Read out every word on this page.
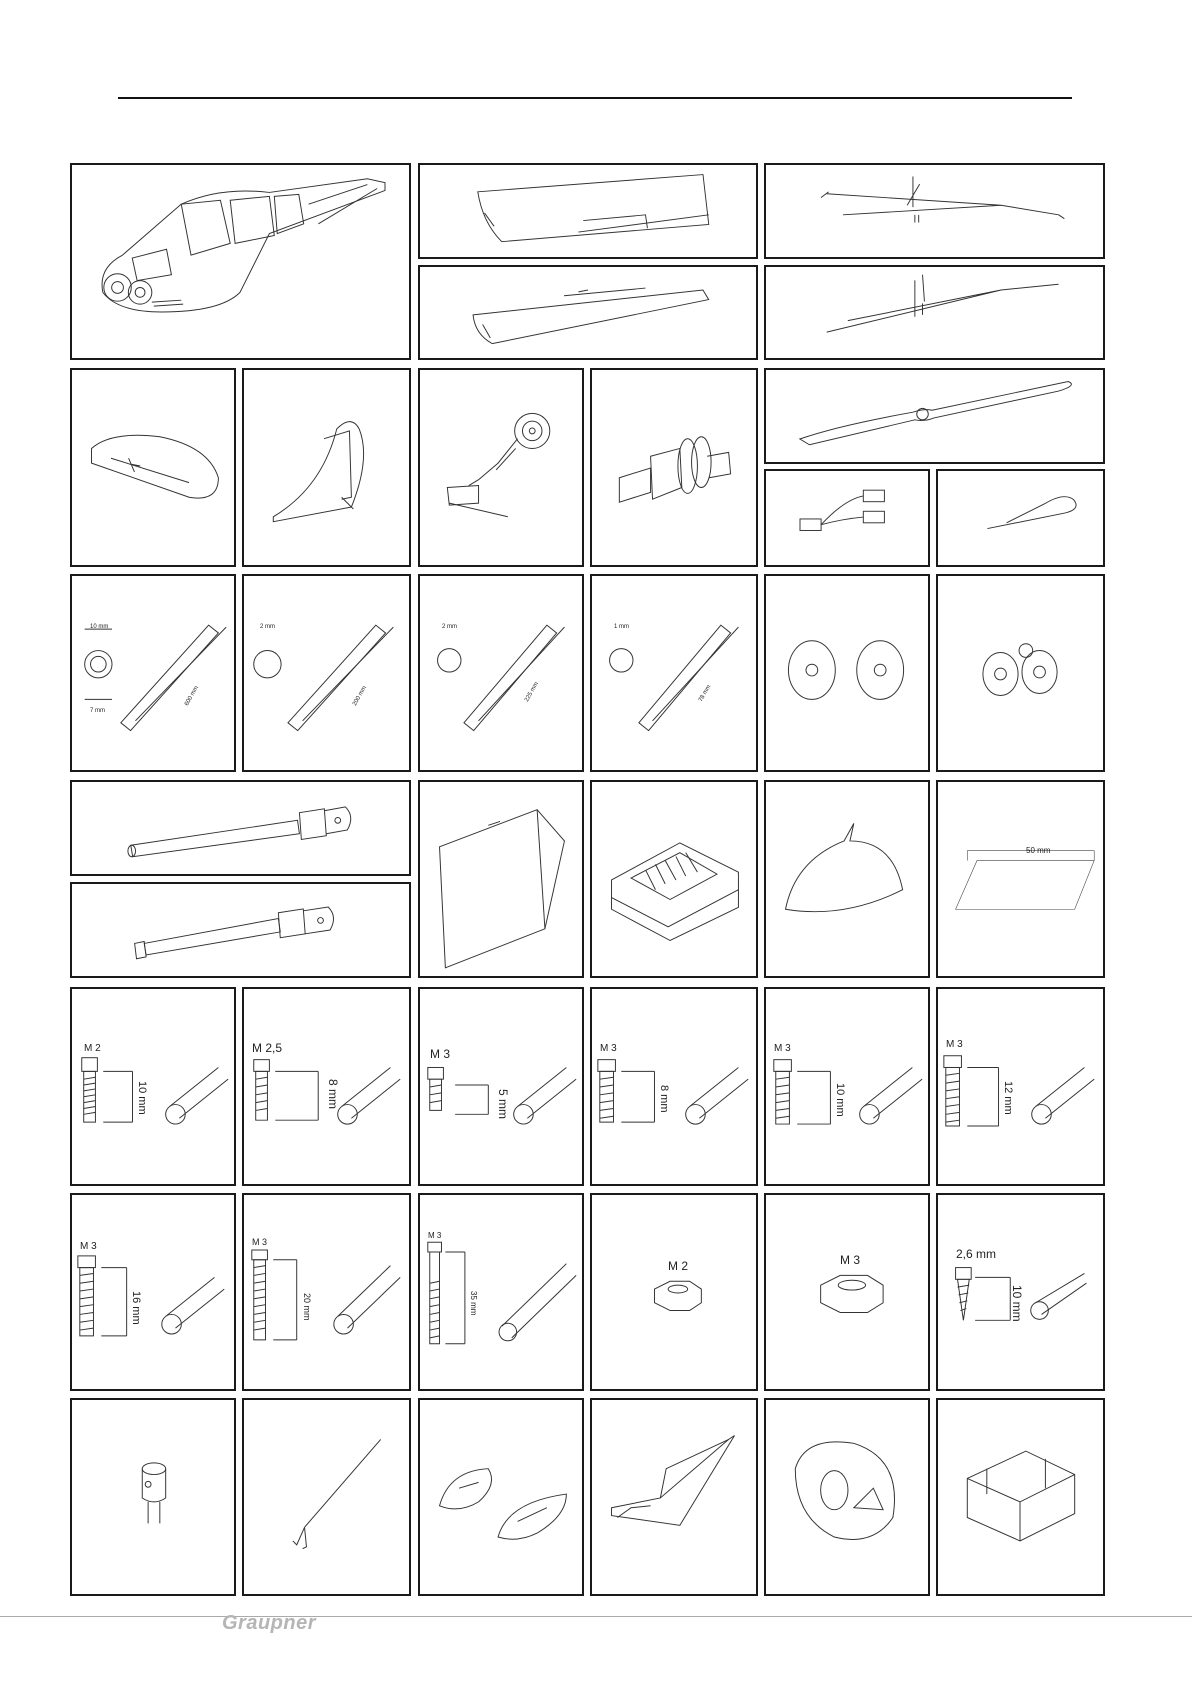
10 mm
7 mm
600 mm
2 mm
200 mm
2 mm
225 mm
1 mm
78 mm
50 mm
M 2
10 mm
M 2,5
8 mm
M 3
5 mm
M 3
8 mm
M 3
10 mm
M 3
12 mm
M 3
16 mm
M 3
20 mm
M 3
35 mm
M 2	M 3	2,6 mm
10 mm
Graupner
